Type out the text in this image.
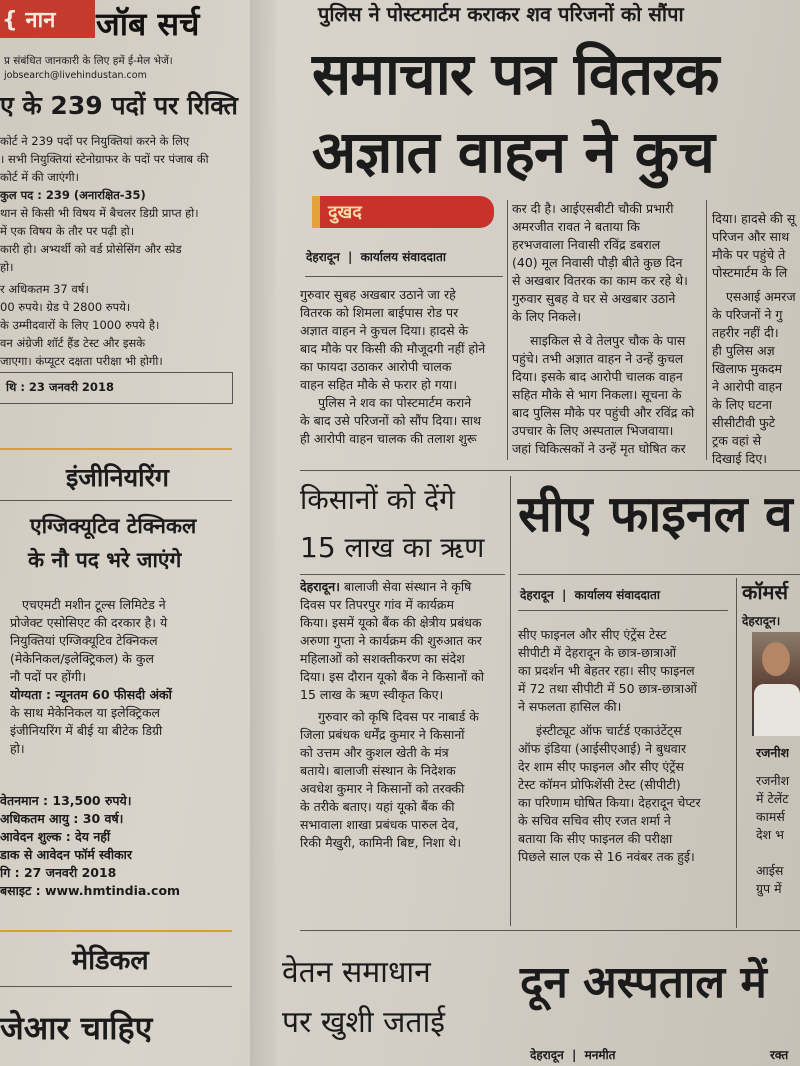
{ नान जॉब सर्च
प्र संबंधित जानकारी के लिए हमें ई-मेल भेजें।
jobsearch@livehindustan.com
ए के 239 पदों पर रिक्ति
कोर्ट ने 239 पदों पर नियुक्तियां करने के लिए
। सभी नियुक्तियां स्टेनोग्राफर के पदों पर पंजाब की
कोर्ट में की जाएंगी।
कुल पद : 239 (अनारक्षित-35)
थान से किसी भी विषय में बैचलर डिग्री प्राप्त हो।
में एक विषय के तौर पर पढ़ी हो।
कारी हो। अभ्यर्थी को वर्ड प्रोसेसिंग और स्प्रेड
हो।
र अधिकतम 37 वर्ष।
00 रुपये। ग्रेड पे 2800 रुपये।
के उम्मीदवारों के लिए 1000 रुपये है।
वन अंग्रेजी शॉर्ट हैंड टेस्ट और इसके
जाएगा। कंप्यूटर दक्षता परीक्षा भी होगी।
थि : 23 जनवरी 2018
इंजीनियरिंग
एग्जिक्यूटिव टेक्निकल
के नौ पद भरे जाएंगे
एचएमटी मशीन टूल्स लिमिटेड ने
प्रोजेक्ट एसोसिएट की दरकार है। ये
नियुक्तियां एग्जिक्यूटिव टेक्निकल
(मेकेनिकल/इलेक्ट्रिकल) के कुल
नौ पदों पर होंगी।
योग्यता : न्यूनतम 60 फीसदी अंकों
के साथ मेकेनिकल या इलेक्ट्रिकल
इंजीनियरिंग में बीई या बीटेक डिग्री
हो।
वेतनमान : 13,500 रुपये।
अधिकतम आयु : 30 वर्ष।
आवेदन शुल्क : देय नहीं
डाक से आवेदन फॉर्म स्वीकार
गि : 27 जनवरी 2018
बसाइट : www.hmtindia.com
मेडिकल
जेआर चाहिए
पुलिस ने पोस्टमार्टम कराकर शव परिजनों को सौंपा
समाचार पत्र वितरक
अज्ञात वाहन ने कुच
दुखद
देहरादून | कार्यालय संवाददाता
गुरुवार सुबह अखबार उठाने जा रहे
वितरक को शिमला बाईपास रोड पर
अज्ञात वाहन ने कुचल दिया। हादसे के
बाद मौके पर किसी की मौजूदगी नहीं होने
का फायदा उठाकर आरोपी चालक
वाहन सहित मौके से फरार हो गया।
पुलिस ने शव का पोस्टमार्टम कराने
के बाद उसे परिजनों को सौंप दिया। साथ
ही आरोपी वाहन चालक की तलाश शुरू
कर दी है। आईएसबीटी चौकी प्रभारी
अमरजीत रावत ने बताया कि
हरभजवाला निवासी रविंद्र डबराल
(40) मूल निवासी पौड़ी बीते कुछ दिन
से अखबार वितरक का काम कर रहे थे।
गुरुवार सुबह वे घर से अखबार उठाने
के लिए निकले।
साइकिल से वे तेलपुर चौक के पास
पहुंचे। तभी अज्ञात वाहन ने उन्हें कुचल
दिया। इसके बाद आरोपी चालक वाहन
सहित मौके से भाग निकला। सूचना के
बाद पुलिस मौके पर पहुंची और रविंद्र को
उपचार के लिए अस्पताल भिजवाया।
जहां चिकित्सकों ने उन्हें मृत घोषित कर
दिया। हादसे की सू
परिजन और साथ
मौके पर पहुंचे ते
पोस्टमार्टम के लि
एसआई अमरज
के परिजनों ने गु
तहरीर नहीं दी।
ही पुलिस अज्ञ
खिलाफ मुकदम
ने आरोपी वाहन
के लिए घटना
सीसीटीवी फुटे
ट्रक वहां से
दिखाई दिए।
किसानों को देंगे
15 लाख का ऋण
देहरादून। बालाजी सेवा संस्थान ने कृषि
दिवस पर तिपरपुर गांव में कार्यक्रम
किया। इसमें यूको बैंक की क्षेत्रीय प्रबंधक
अरुणा गुप्ता ने कार्यक्रम की शुरुआत कर
महिलाओं को सशक्तीकरण का संदेश
दिया। इस दौरान यूको बैंक ने किसानों को
15 लाख के ऋण स्वीकृत किए।
गुरुवार को कृषि दिवस पर नाबार्ड के
जिला प्रबंधक धर्मेंद्र कुमार ने किसानों
को उत्तम और कुशल खेती के मंत्र
बताये। बालाजी संस्थान के निदेशक
अवधेश कुमार ने किसानों को तरक्की
के तरीके बताए। यहां यूको बैंक की
सभावाला शाखा प्रबंधक पारुल देव,
रिकी मैखुरी, कामिनी बिष्ट, निशा थे।
सीए फाइनल व
देहरादून | कार्यालय संवाददाता
सीए फाइनल और सीए एंट्रेंस टेस्ट
सीपीटी में देहरादून के छात्र-छात्राओं
का प्रदर्शन भी बेहतर रहा। सीए फाइनल
में 72 तथा सीपीटी में 50 छात्र-छात्राओं
ने सफलता हासिल की।
इंस्टीट्यूट ऑफ चार्टर्ड एकाउंटेंट्स
ऑफ इंडिया (आईसीएआई) ने बुधवार
देर शाम सीए फाइनल और सीए एंट्रेंस
टेस्ट कॉमन प्रोफिशेंसी टेस्ट (सीपीटी)
का परिणाम घोषित किया। देहरादून चेप्टर
के सचिव सचिव सीए रजत शर्मा ने
बताया कि सीए फाइनल की परीक्षा
पिछले साल एक से 16 नवंबर तक हुई।
कॉमर्स
देहरादून।
रजनीश
रजनीश
में टेलेंट
कामर्स
देश भ
आईस
ग्रुप में
वेतन समाधान
पर खुशी जताई
दून अस्पताल में
देहरादून | मनमीत	रक्त
